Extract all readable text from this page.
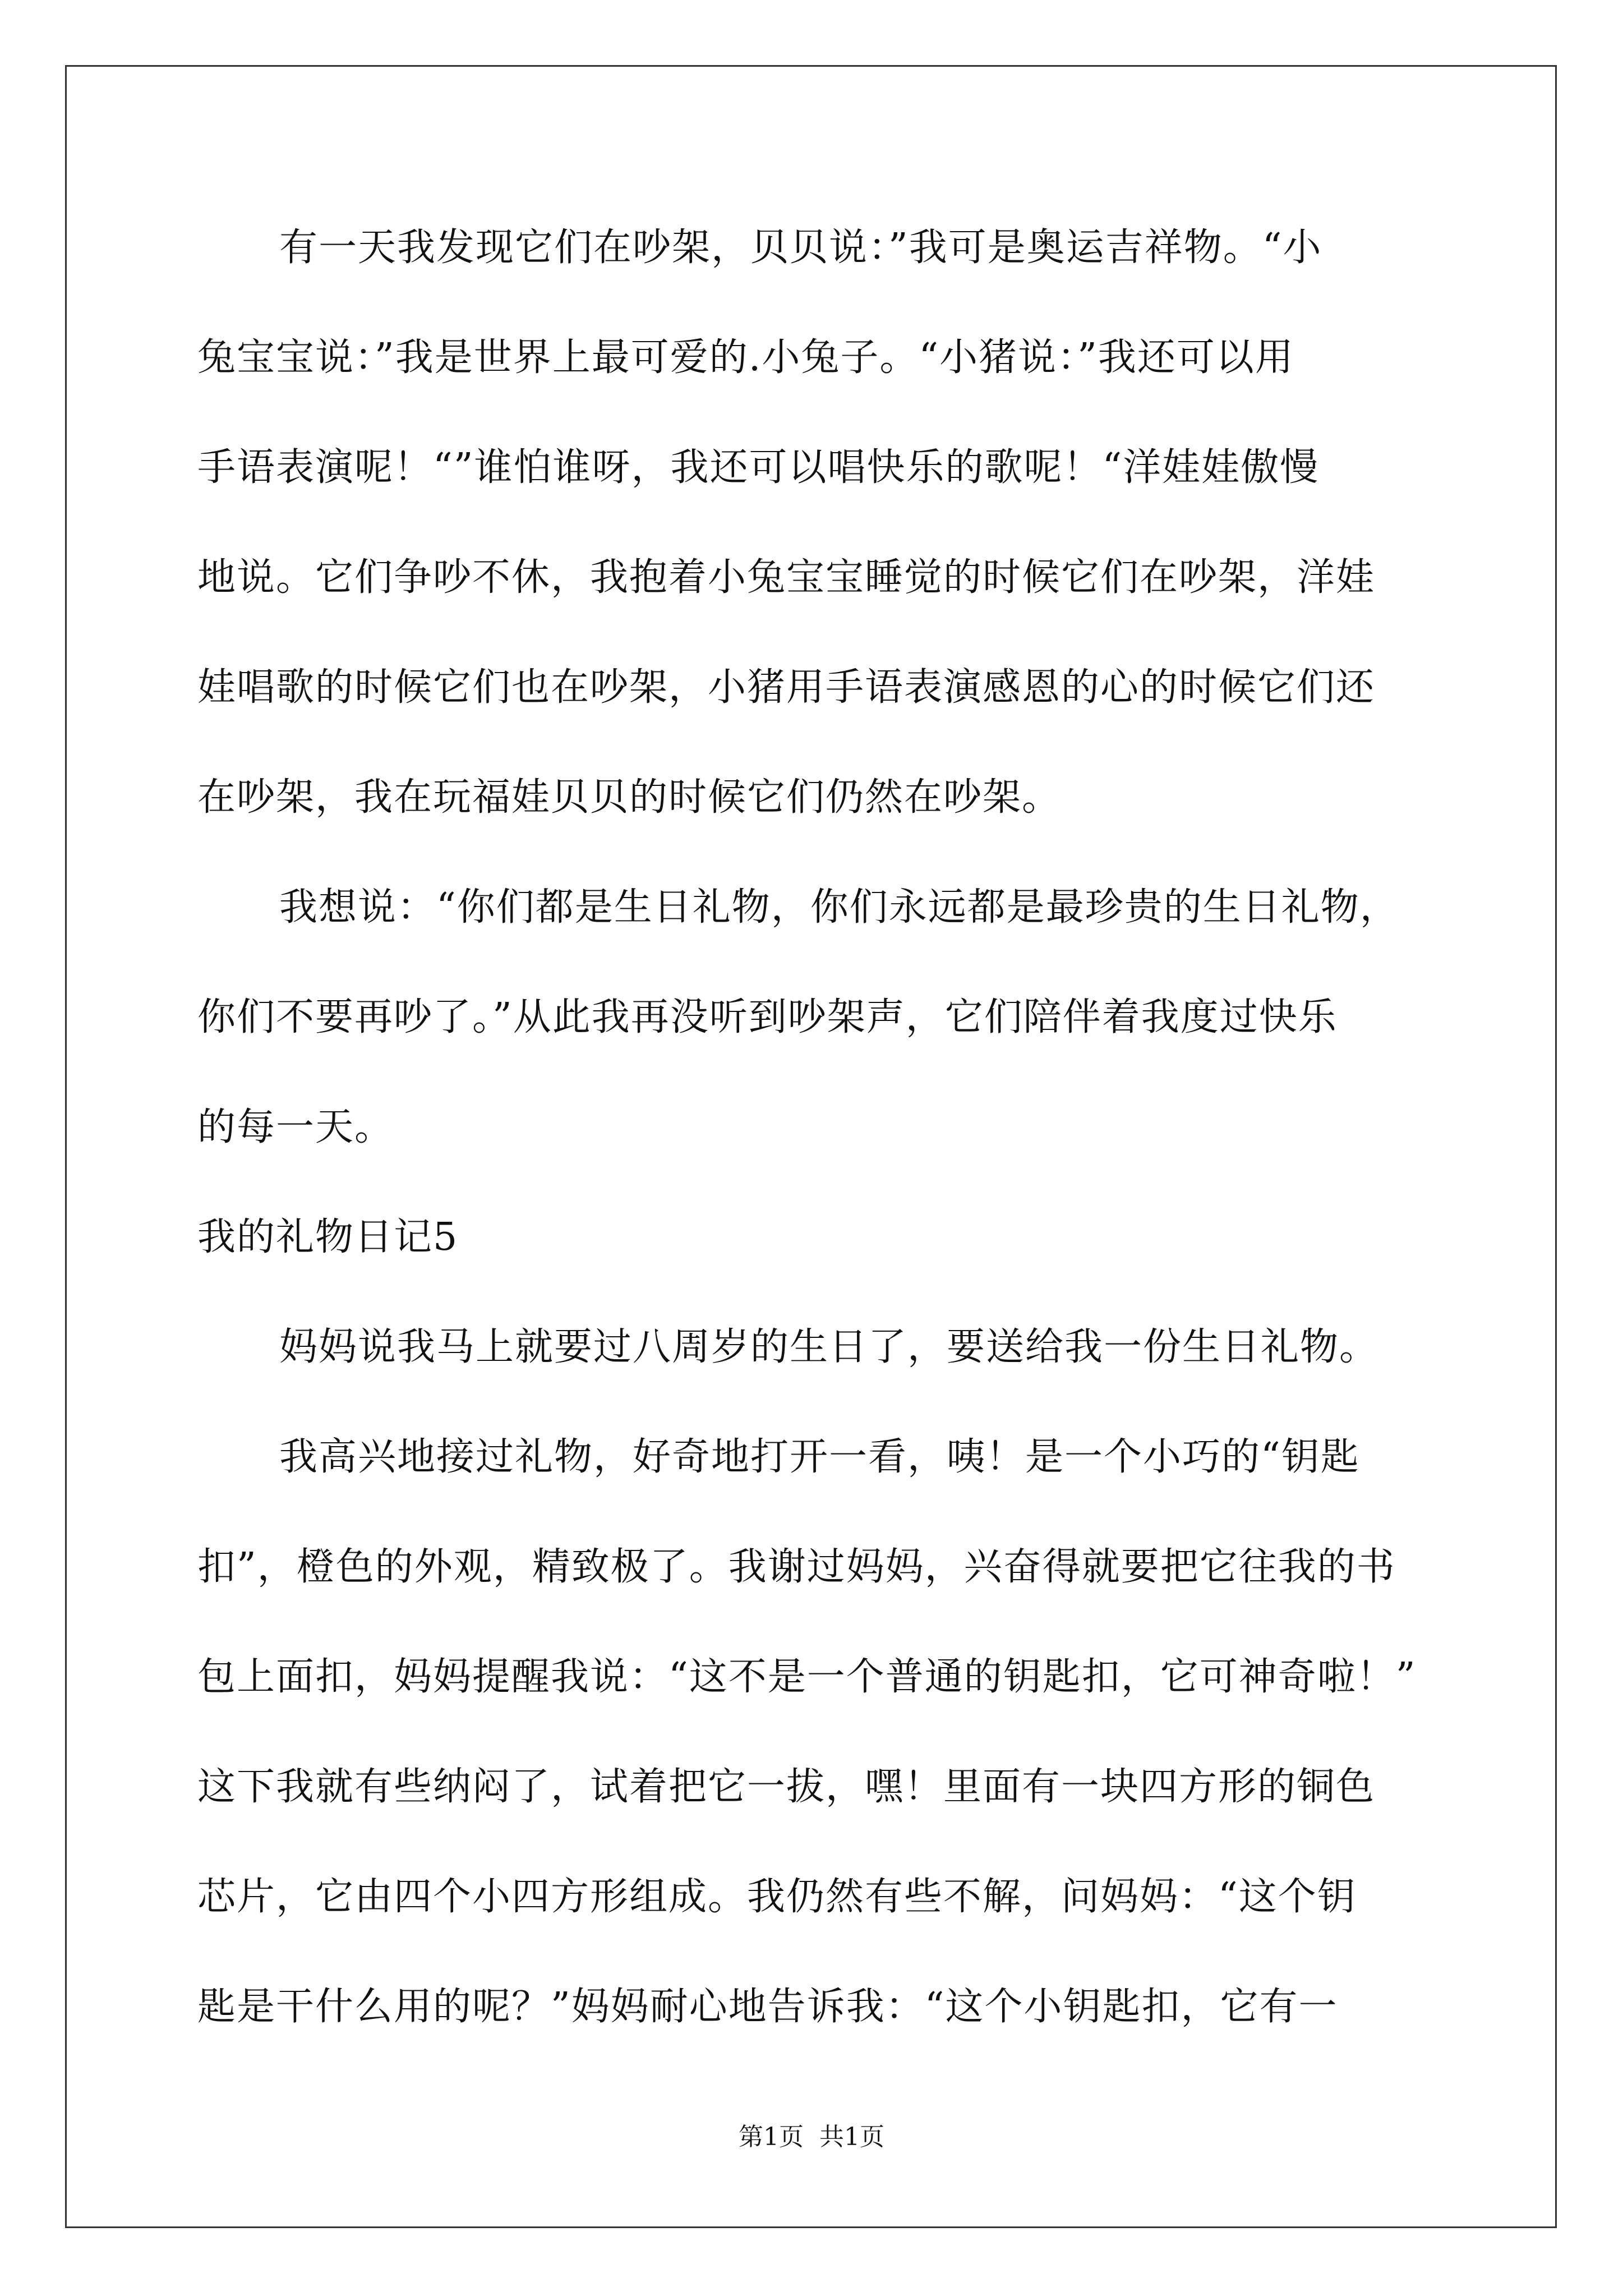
有一天我发现它们在吵架，贝贝说：”我可是奥运吉祥物。“小
兔宝宝说：”我是世界上最可爱的.小兔子。“小猪说：”我还可以用
手语表演呢！“”谁怕谁呀，我还可以唱快乐的歌呢！“洋娃娃傲慢
地说。它们争吵不休，我抱着小兔宝宝睡觉的时候它们在吵架，洋娃
娃唱歌的时候它们也在吵架，小猪用手语表演感恩的心的时候它们还
在吵架，我在玩福娃贝贝的时候它们仍然在吵架。
我想说：“你们都是生日礼物，你们永远都是最珍贵的生日礼物，
你们不要再吵了。”从此我再没听到吵架声，它们陪伴着我度过快乐
的每一天。
我的礼物日记5
妈妈说我马上就要过八周岁的生日了，要送给我一份生日礼物。
我高兴地接过礼物，好奇地打开一看，咦！是一个小巧的“钥匙
扣”，橙色的外观，精致极了。我谢过妈妈，兴奋得就要把它往我的书
包上面扣，妈妈提醒我说：“这不是一个普通的钥匙扣，它可神奇啦！”
这下我就有些纳闷了，试着把它一拔，嘿！里面有一块四方形的铜色
芯片，它由四个小四方形组成。我仍然有些不解，问妈妈：“这个钥
匙是干什么用的呢？”妈妈耐心地告诉我：“这个小钥匙扣，它有一
第1页 共1页
